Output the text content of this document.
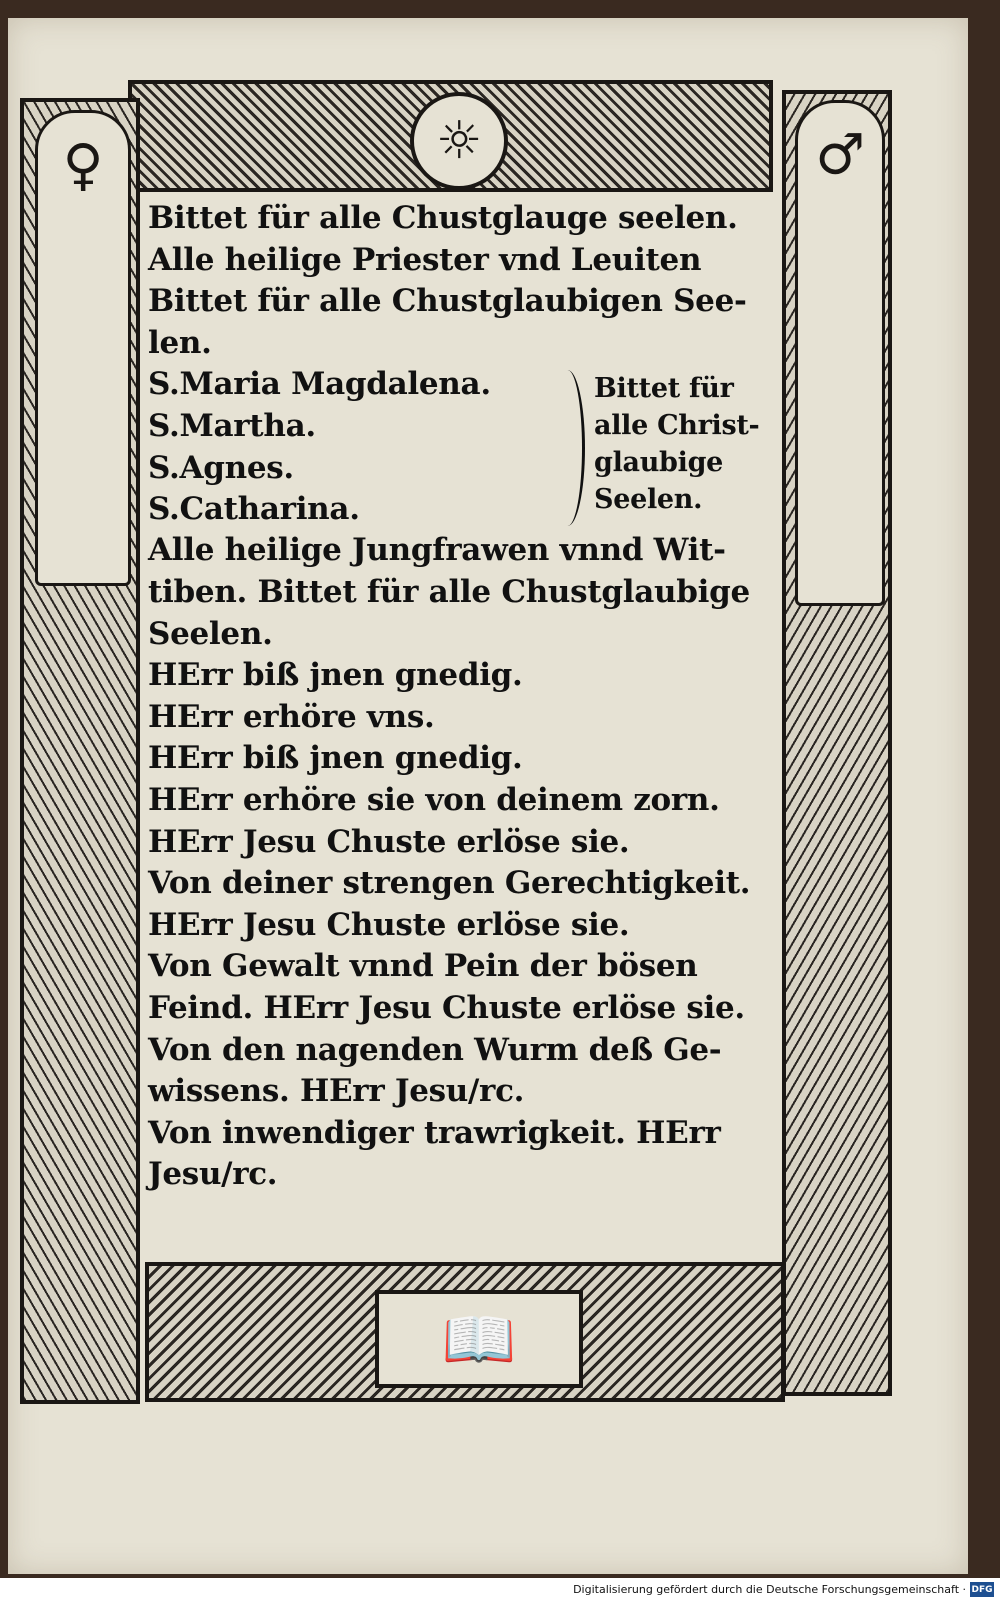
☼
♀	♂
📖
Bittet für alle Chustglauge seelen.
Alle heilige Priester vnd Leuiten
Bittet für alle Chustglaubigen See-
len.
S.Maria Magdalena.
S.Martha.
S.Agnes.
S.Catharina.
Bittet für
alle Christ-
glaubige
Seelen.
Alle heilige Jungfrawen vnnd Wit-
tiben. Bittet für alle Chustglaubige
Seelen.
HErr biß jnen gnedig.
HErr erhöre vns.
HErr biß jnen gnedig.
HErr erhöre sie von deinem zorn.
HErr Jesu Chuste erlöse sie.
Von deiner strengen Gerechtigkeit.
HErr Jesu Chuste erlöse sie.
Von Gewalt vnnd Pein der bösen
Feind. HErr Jesu Chuste erlöse sie.
Von den nagenden Wurm deß Ge-
wissens. HErr Jesu/rc.
Von inwendiger trawrigkeit. HErr
Jesu/rc.
Digitalisierung gefördert durch die Deutsche Forschungsgemeinschaft · DFG
